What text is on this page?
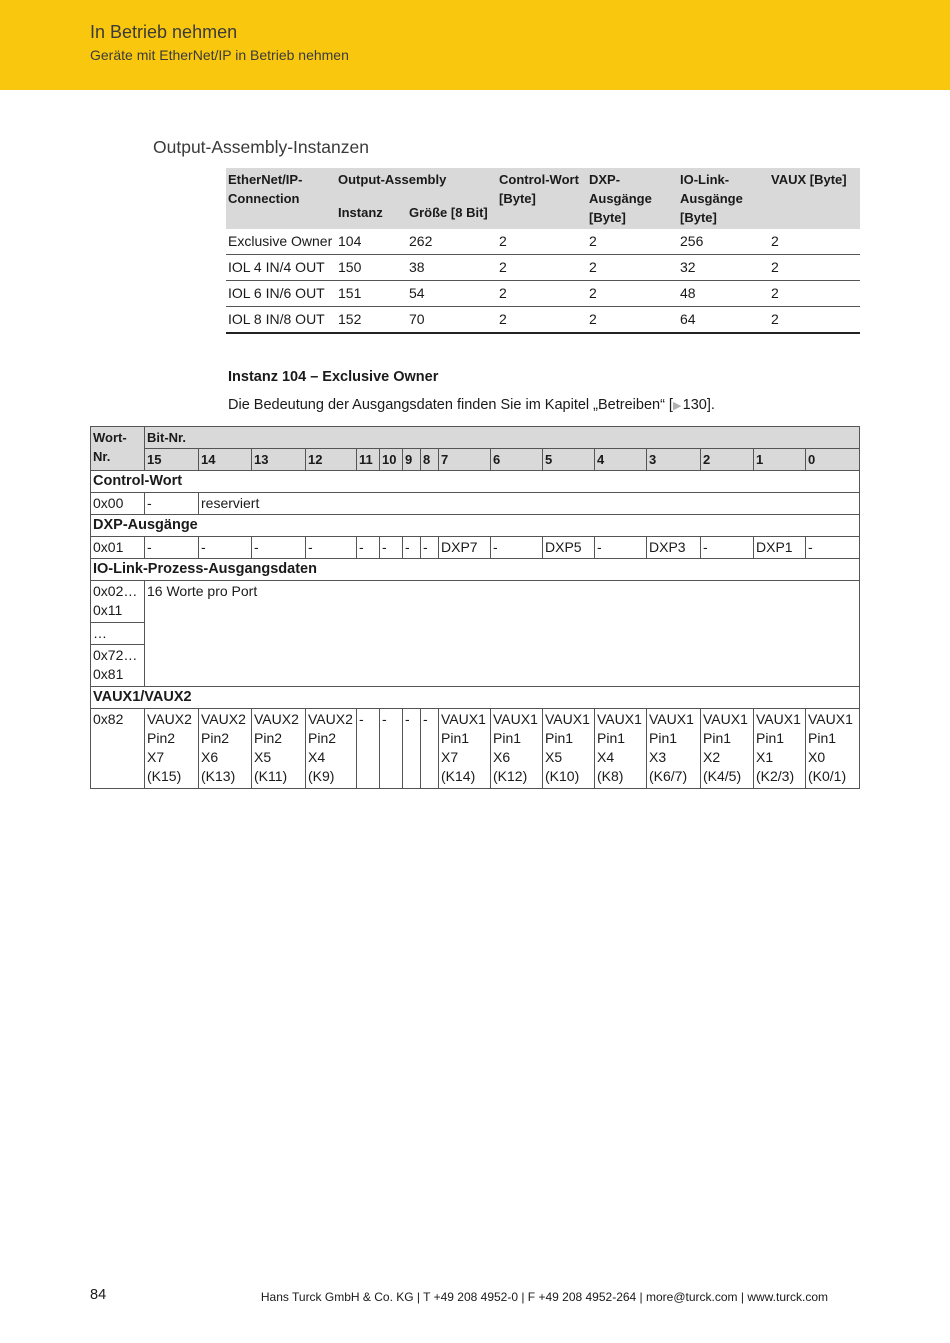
In Betrieb nehmen
Geräte mit EtherNet/IP in Betrieb nehmen
Output-Assembly-Instanzen
EtherNet/IP-Connection	Output-Assembly		Control-Wort [Byte]	DXP-Ausgänge [Byte]	IO-Link-Ausgänge [Byte]	VAUX [Byte]
	Instanz	Größe [8 Bit]				
Exclusive Owner	104	262	2	2	256	2
IOL 4 IN/4 OUT	150	38	2	2	32	2
IOL 6 IN/6 OUT	151	54	2	2	48	2
IOL 8 IN/8 OUT	152	70	2	2	64	2
Instanz 104 – Exclusive Owner
Die Bedeutung der Ausgangsdaten finden Sie im Kapitel „Betreiben“ [▶ 130].
Wort-Nr.	Bit-Nr.															
	15	14	13	12	11	10	9	8	7	6	5	4	3	2	1	0
Control-Wort																
0x00	-	reserviert														
DXP-Ausgänge																
0x01	-	-	-	-	-	-	-	-	DXP7	-	DXP5	-	DXP3	-	DXP1	-
IO-Link-Prozess-Ausgangsdaten																
0x02…0x11	16 Worte pro Port															
…																
0x72…0x81																
VAUX1/VAUX2																
0x82	VAUX2 Pin2 X7 (K15)	VAUX2 Pin2 X6 (K13)	VAUX2 Pin2 X5 (K11)	VAUX2 Pin2 X4 (K9)	-	-	-	-	VAUX1 Pin1 X7 (K14)	VAUX1 Pin1 X6 (K12)	VAUX1 Pin1 X5 (K10)	VAUX1 Pin1 X4 (K8)	VAUX1 Pin1 X3 (K6/7)	VAUX1 Pin1 X2 (K4/5)	VAUX1 Pin1 X1 (K2/3)	VAUX1 Pin1 X0 (K0/1)
84	Hans Turck GmbH & Co. KG | T +49 208 4952-0 | F +49 208 4952-264 | more@turck.com | www.turck.com
